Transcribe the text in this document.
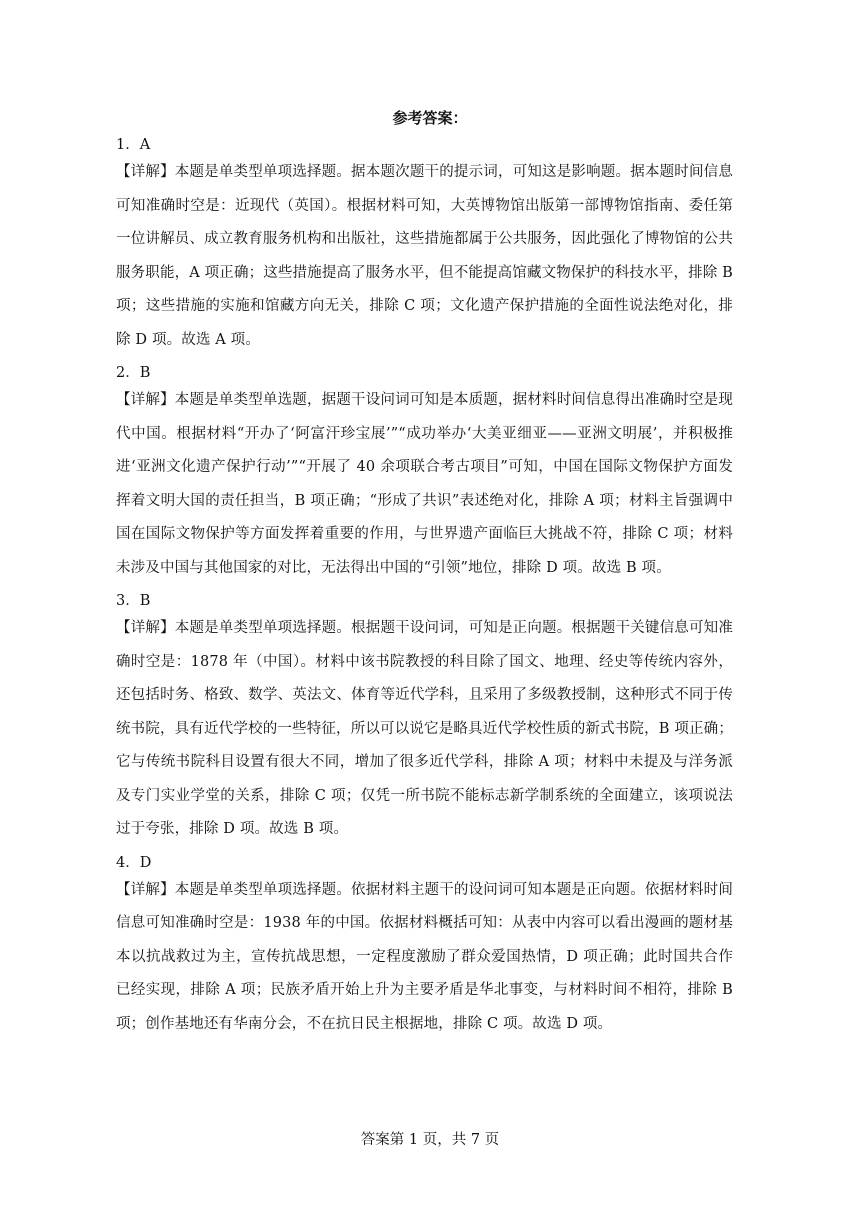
参考答案：

1．A

【详解】本题是单类型单项选择题。据本题次题干的提示词，可知这是影响题。据本题时间信息可知准确时空是：近现代（英国）。根据材料可知，大英博物馆出版第一部博物馆指南、委任第一位讲解员、成立教育服务机构和出版社，这些措施都属于公共服务，因此强化了博物馆的公共服务职能，A 项正确；这些措施提高了服务水平，但不能提高馆藏文物保护的科技水平，排除 B 项；这些措施的实施和馆藏方向无关，排除 C 项；文化遗产保护措施的全面性说法绝对化，排除 D 项。故选 A 项。

2．B

【详解】本题是单类型单选题，据题干设问词可知是本质题，据材料时间信息得出准确时空是现代中国。根据材料“开办了‘阿富汗珍宝展’”“成功举办‘大美亚细亚——亚洲文明展’，并积极推进‘亚洲文化遗产保护行动’”“开展了 40 余项联合考古项目”可知，中国在国际文物保护方面发挥着文明大国的责任担当，B 项正确；“形成了共识”表述绝对化，排除 A 项；材料主旨强调中国在国际文物保护等方面发挥着重要的作用，与世界遗产面临巨大挑战不符，排除 C 项；材料未涉及中国与其他国家的对比，无法得出中国的“引领”地位，排除 D 项。故选 B 项。

3．B

【详解】本题是单类型单项选择题。根据题干设问词，可知是正向题。根据题干关键信息可知准确时空是：1878 年（中国）。材料中该书院教授的科目除了国文、地理、经史等传统内容外，还包括时务、格致、数学、英法文、体育等近代学科，且采用了多级教授制，这种形式不同于传统书院，具有近代学校的一些特征，所以可以说它是略具近代学校性质的新式书院，B 项正确；它与传统书院科目设置有很大不同，增加了很多近代学科，排除 A 项；材料中未提及与洋务派及专门实业学堂的关系，排除 C 项；仅凭一所书院不能标志新学制系统的全面建立，该项说法过于夸张，排除 D 项。故选 B 项。

4．D

【详解】本题是单类型单项选择题。依据材料主题干的设问词可知本题是正向题。依据材料时间信息可知准确时空是：1938 年的中国。依据材料概括可知：从表中内容可以看出漫画的题材基本以抗战救过为主，宣传抗战思想，一定程度激励了群众爱国热情，D 项正确；此时国共合作已经实现，排除 A 项；民族矛盾开始上升为主要矛盾是华北事变，与材料时间不相符，排除 B 项；创作基地还有华南分会，不在抗日民主根据地，排除 C 项。故选 D 项。

答案第 1 页，共 7 页
